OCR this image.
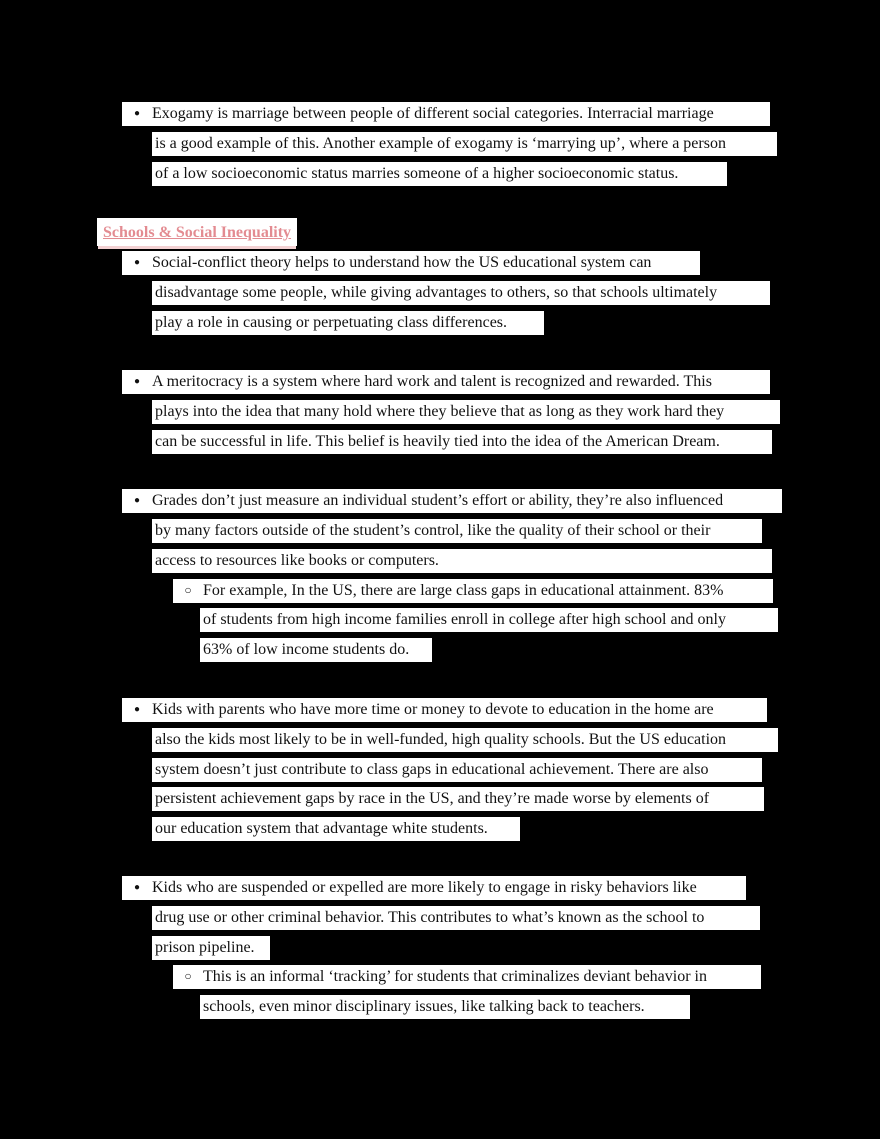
●Exogamy is marriage between people of different social categories. Interracial marriage
is a good example of this. Another example of exogamy is ‘marrying up’, where a person
of a low socioeconomic status marries someone of a higher socioeconomic status.
Schools & Social Inequality
●Social-conflict theory helps to understand how the US educational system can
disadvantage some people, while giving advantages to others, so that schools ultimately
play a role in causing or perpetuating class differences.
●A meritocracy is a system where hard work and talent is recognized and rewarded. This
plays into the idea that many hold where they believe that as long as they work hard they
can be successful in life. This belief is heavily tied into the idea of the American Dream.
●Grades don’t just measure an individual student’s effort or ability, they’re also influenced
by many factors outside of the student’s control, like the quality of their school or their
access to resources like books or computers.
○For example, In the US, there are large class gaps in educational attainment. 83%
of students from high income families enroll in college after high school and only
63% of low income students do.
●Kids with parents who have more time or money to devote to education in the home are
also the kids most likely to be in well-funded, high quality schools. But the US education
system doesn’t just contribute to class gaps in educational achievement. There are also
persistent achievement gaps by race in the US, and they’re made worse by elements of
our education system that advantage white students.
●Kids who are suspended or expelled are more likely to engage in risky behaviors like
drug use or other criminal behavior. This contributes to what’s known as the school to
prison pipeline.
○This is an informal ‘tracking’ for students that criminalizes deviant behavior in
schools, even minor disciplinary issues, like talking back to teachers.
